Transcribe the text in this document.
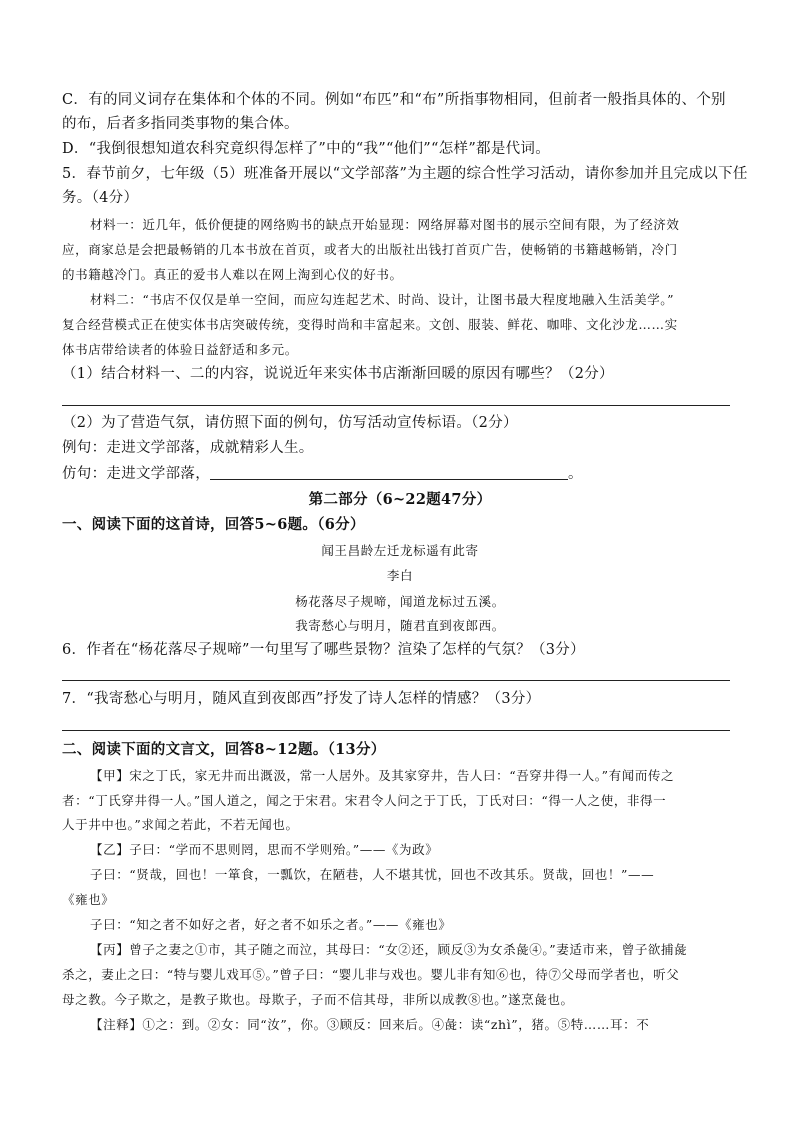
C．有的同义词存在集体和个体的不同。例如“布匹”和“布”所指事物相同，但前者一般指具体的、个别
的布，后者多指同类事物的集合体。
D．“我倒很想知道农科究竟织得怎样了”中的“我”“他们”“怎样”都是代词。
5．春节前夕，七年级（5）班准备开展以“文学部落”为主题的综合性学习活动，请你参加并且完成以下任
务。（4分）
材料一：近几年，低价便捷的网络购书的缺点开始显现：网络屏幕对图书的展示空间有限，为了经济效
应，商家总是会把最畅销的几本书放在首页，或者大的出版社出钱打首页广告，使畅销的书籍越畅销，冷门
的书籍越冷门。真正的爱书人难以在网上淘到心仪的好书。
材料二：“书店不仅仅是单一空间，而应勾连起艺术、时尚、设计，让图书最大程度地融入生活美学。”
复合经营模式正在使实体书店突破传统，变得时尚和丰富起来。文创、服装、鲜花、咖啡、文化沙龙……实
体书店带给读者的体验日益舒适和多元。
（1）结合材料一、二的内容，说说近年来实体书店渐渐回暖的原因有哪些？（2分）
（2）为了营造气氛，请仿照下面的例句，仿写活动宣传标语。（2分）
例句：走进文学部落，成就精彩人生。
仿句：走进文学部落，	。
第二部分（6~22题47分）
一、阅读下面的这首诗，回答5~6题。（6分）
闻王昌龄左迁龙标遥有此寄
李白
杨花落尽子规啼，闻道龙标过五溪。
我寄愁心与明月，随君直到夜郎西。
6．作者在“杨花落尽子规啼”一句里写了哪些景物？渲染了怎样的气氛？（3分）
7．“我寄愁心与明月，随风直到夜郎西”抒发了诗人怎样的情感？（3分）
二、阅读下面的文言文，回答8~12题。（13分）
【甲】宋之丁氏，家无井而出溉汲，常一人居外。及其家穿井，告人曰：“吾穿井得一人。”有闻而传之
者：“丁氏穿井得一人。”国人道之，闻之于宋君。宋君令人问之于丁氏，丁氏对曰：“得一人之使，非得一
人于井中也。”求闻之若此，不若无闻也。
【乙】子曰：“学而不思则罔，思而不学则殆。”——《为政》
子曰：“贤哉，回也！一箪食，一瓢饮，在陋巷，人不堪其忧，回也不改其乐。贤哉，回也！”——
《雍也》
子曰：“知之者不如好之者，好之者不如乐之者。”——《雍也》
【丙】曾子之妻之①市，其子随之而泣，其母曰：“女②还，顾反③为女杀彘④。”妻适市来，曾子欲捕彘
杀之，妻止之曰：“特与婴儿戏耳⑤。”曾子曰：“婴儿非与戏也。婴儿非有知⑥也，待⑦父母而学者也，听父
母之教。今子欺之，是教子欺也。母欺子，子而不信其母，非所以成教⑧也。”遂烹彘也。
【注释】①之：到。②女：同“汝”，你。③顾反：回来后。④彘：读“zhì”，猪。⑤特……耳：不
